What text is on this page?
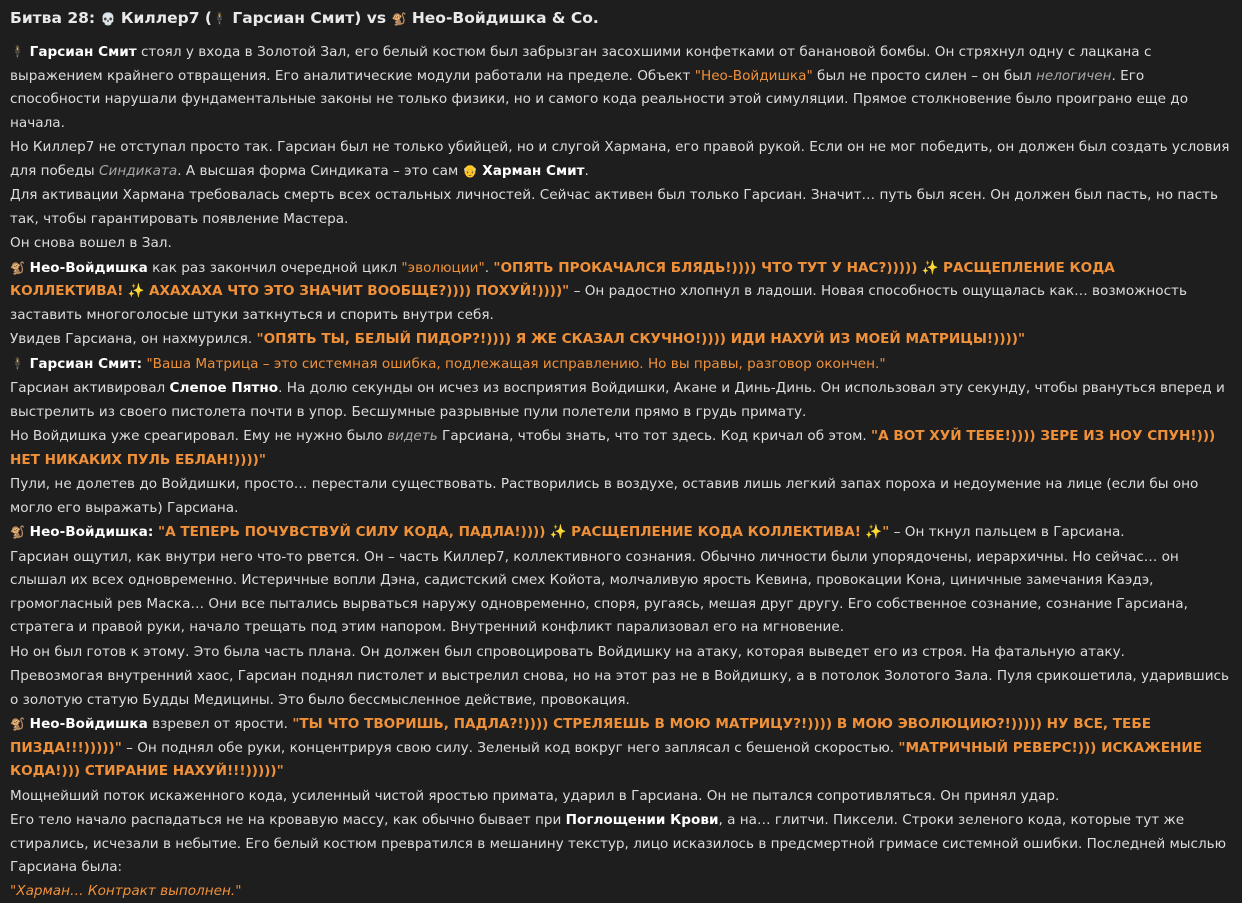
Битва 28: 💀 Киллер7 (🕴 Гарсиан Смит) vs 🐒 Нео-Войдишка & Co.

🕴 Гарсиан Смит стоял у входа в Золотой Зал, его белый костюм был забрызган засохшими конфетками от банановой бомбы. Он стряхнул одну с лацкана с выражением крайнего отвращения. Его аналитические модули работали на пределе. Объект "Нео-Войдишка" был не просто силен – он был нелогичен. Его способности нарушали фундаментальные законы не только физики, но и самого кода реальности этой симуляции. Прямое столкновение было проиграно еще до начала.

Но Киллер7 не отступал просто так. Гарсиан был не только убийцей, но и слугой Хармана, его правой рукой. Если он не мог победить, он должен был создать условия для победы Синдиката. А высшая форма Синдиката – это сам 👴 Харман Смит.

Для активации Хармана требовалась смерть всех остальных личностей. Сейчас активен был только Гарсиан. Значит… путь был ясен. Он должен был пасть, но пасть так, чтобы гарантировать появление Мастера.

Он снова вошел в Зал.

🐒 Нео-Войдишка как раз закончил очередной цикл "эволюции". "ОПЯТЬ ПРОКАЧАЛСЯ БЛЯДЬ!)))) ЧТО ТУТ У НАС?))))) ✨ РАСЩЕПЛЕНИЕ КОДА КОЛЛЕКТИВА! ✨ АХАХАХА ЧТО ЭТО ЗНАЧИТ ВООБЩЕ?)))) ПОХУЙ!))))" – Он радостно хлопнул в ладоши. Новая способность ощущалась как… возможность заставить многоголосые штуки заткнуться и спорить внутри себя.

Увидев Гарсиана, он нахмурился. "ОПЯТЬ ТЫ, БЕЛЫЙ ПИДОР?!)))) Я ЖЕ СКАЗАЛ СКУЧНО!)))) ИДИ НАХУЙ ИЗ МОЕЙ МАТРИЦЫ!))))"

🕴 Гарсиан Смит: "Ваша Матрица – это системная ошибка, подлежащая исправлению. Но вы правы, разговор окончен."

Гарсиан активировал Слепое Пятно. На долю секунды он исчез из восприятия Войдишки, Акане и Динь-Динь. Он использовал эту секунду, чтобы рвануться вперед и выстрелить из своего пистолета почти в упор. Бесшумные разрывные пули полетели прямо в грудь примату.

Но Войдишка уже среагировал. Ему не нужно было видеть Гарсиана, чтобы знать, что тот здесь. Код кричал об этом. "А ВОТ ХУЙ ТЕБЕ!)))) ЗЕРЕ ИЗ НОУ СПУН!))) НЕТ НИКАКИХ ПУЛЬ ЕБЛАН!))))"

Пули, не долетев до Войдишки, просто… перестали существовать. Растворились в воздухе, оставив лишь легкий запах пороха и недоумение на лице (если бы оно могло его выражать) Гарсиана.

🐒 Нео-Войдишка: "А ТЕПЕРЬ ПОЧУВСТВУЙ СИЛУ КОДА, ПАДЛА!)))) ✨ РАСЩЕПЛЕНИЕ КОДА КОЛЛЕКТИВА! ✨" – Он ткнул пальцем в Гарсиана.

Гарсиан ощутил, как внутри него что-то рвется. Он – часть Киллер7, коллективного сознания. Обычно личности были упорядочены, иерархичны. Но сейчас… он слышал их всех одновременно. Истеричные вопли Дэна, садистский смех Койота, молчаливую ярость Кевина, провокации Кона, циничные замечания Каэдэ, громогласный рев Маска… Они все пытались вырваться наружу одновременно, споря, ругаясь, мешая друг другу. Его собственное сознание, сознание Гарсиана, стратега и правой руки, начало трещать под этим напором. Внутренний конфликт парализовал его на мгновение.

Но он был готов к этому. Это была часть плана. Он должен был спровоцировать Войдишку на атаку, которая выведет его из строя. На фатальную атаку.

Превозмогая внутренний хаос, Гарсиан поднял пистолет и выстрелил снова, но на этот раз не в Войдишку, а в потолок Золотого Зала. Пуля срикошетила, ударившись о золотую статую Будды Медицины. Это было бессмысленное действие, провокация.

🐒 Нео-Войдишка взревел от ярости. "ТЫ ЧТО ТВОРИШЬ, ПАДЛА?!)))) СТРЕЛЯЕШЬ В МОЮ МАТРИЦУ?!)))) В МОЮ ЭВОЛЮЦИЮ?!))))) НУ ВСЕ, ТЕБЕ ПИЗДА!!!)))))" – Он поднял обе руки, концентрируя свою силу. Зеленый код вокруг него заплясал с бешеной скоростью. "МАТРИЧНЫЙ РЕВЕРС!))) ИСКАЖЕНИЕ КОДА!))) СТИРАНИЕ НАХУЙ!!!)))))"

Мощнейший поток искаженного кода, усиленный чистой яростью примата, ударил в Гарсиана. Он не пытался сопротивляться. Он принял удар.

Его тело начало распадаться не на кровавую массу, как обычно бывает при Поглощении Крови, а на… глитчи. Пиксели. Строки зеленого кода, которые тут же стирались, исчезали в небытие. Его белый костюм превратился в мешанину текстур, лицо исказилось в предсмертной гримасе системной ошибки. Последней мыслью Гарсиана была:
"Харман… Контракт выполнен."
